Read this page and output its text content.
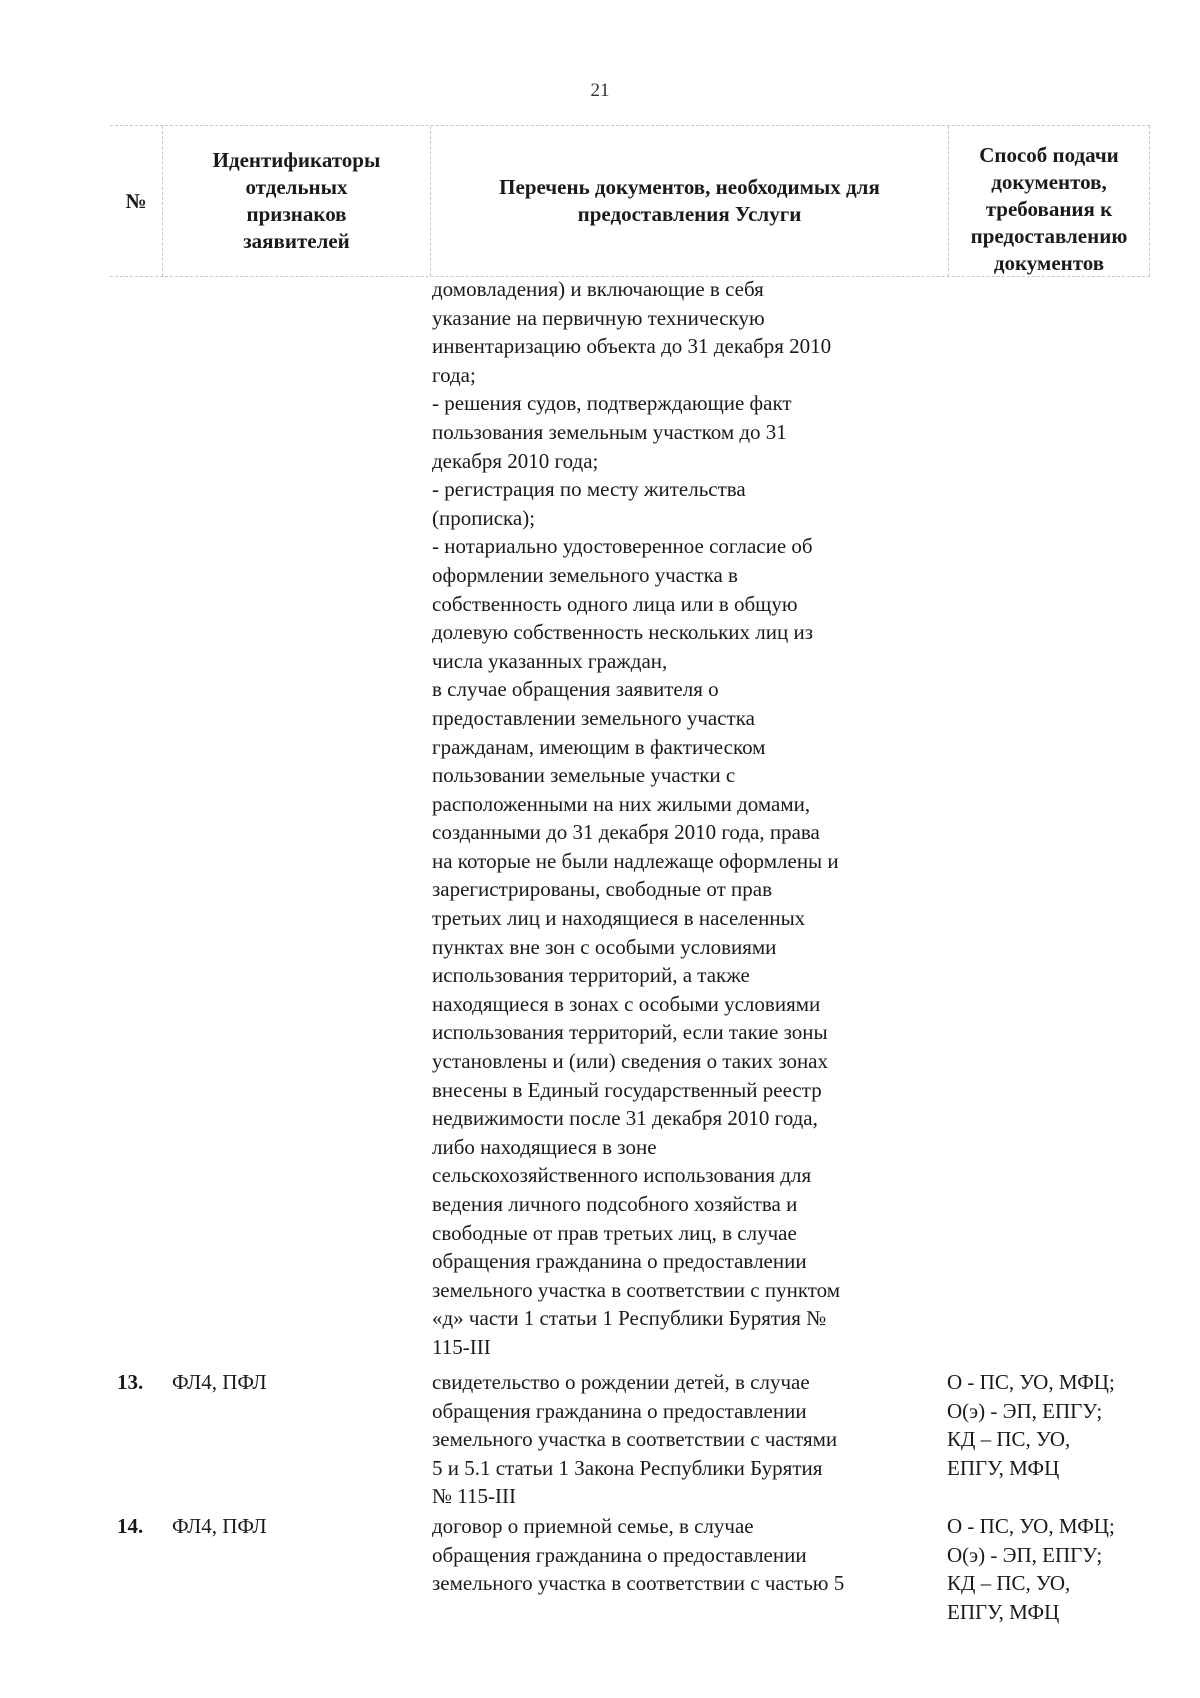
21
№
Идентификаторы
отдельных
признаков
заявителей
Перечень документов, необходимых для
предоставления Услуги
Способ подачи
документов,
требования к
предоставлению
документов
домовладения) и включающие в себя
указание на первичную техническую
инвентаризацию объекта до 31 декабря 2010
года;
- решения судов, подтверждающие факт
пользования земельным участком до 31
декабря 2010 года;
- регистрация по месту жительства
(прописка);
- нотариально удостоверенное согласие об
оформлении земельного участка в
собственность одного лица или в общую
долевую собственность нескольких лиц из
числа указанных граждан,
в случае обращения заявителя о
предоставлении земельного участка
гражданам, имеющим в фактическом
пользовании земельные участки с
расположенными на них жилыми домами,
созданными до 31 декабря 2010 года, права
на которые не были надлежаще оформлены и
зарегистрированы, свободные от прав
третьих лиц и находящиеся в населенных
пунктах вне зон с особыми условиями
использования территорий, а также
находящиеся в зонах с особыми условиями
использования территорий, если такие зоны
установлены и (или) сведения о таких зонах
внесены в Единый государственный реестр
недвижимости после 31 декабря 2010 года,
либо находящиеся в зоне
сельскохозяйственного использования для
ведения личного подсобного хозяйства и
свободные от прав третьих лиц, в случае
обращения гражданина о предоставлении
земельного участка в соответствии с пунктом
«д» части 1 статьи 1 Республики Бурятия №
115-III
13. ФЛ4, ПФЛ	свидетельство о рождении детей, в случае
обращения гражданина о предоставлении
земельного участка в соответствии с частями
5 и 5.1 статьи 1 Закона Республики Бурятия
№ 115-III
О - ПС, УО, МФЦ;
О(э) - ЭП, ЕПГУ;
КД – ПС, УО,
ЕПГУ, МФЦ
14. ФЛ4, ПФЛ	договор о приемной семье, в случае
обращения гражданина о предоставлении
земельного участка в соответствии с частью 5
О - ПС, УО, МФЦ;
О(э) - ЭП, ЕПГУ;
КД – ПС, УО,
ЕПГУ, МФЦ
